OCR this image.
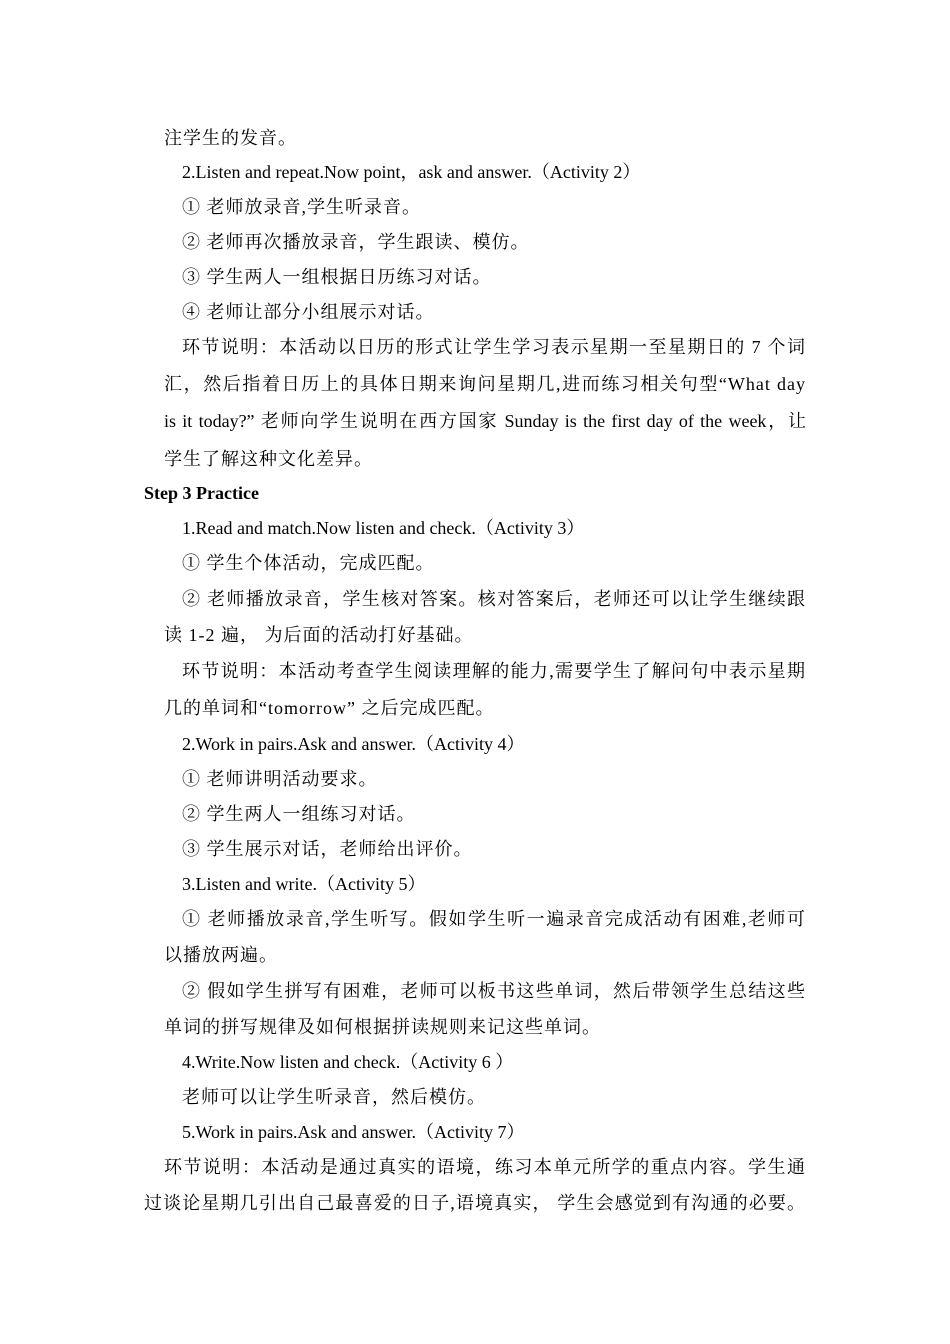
注学生的发音。
2.Listen and repeat.Now point，ask and answer.（Activity 2）
① 老师放录音,学生听录音。
② 老师再次播放录音，学生跟读、模仿。
③ 学生两人一组根据日历练习对话。
④ 老师让部分小组展示对话。
环节说明：本活动以日历的形式让学生学习表示星期一至星期日的 7 个词
汇，然后指着日历上的具体日期来询问星期几,进而练习相关句型“What day
is it today?” 老师向学生说明在西方国家 Sunday is the first day of the week，让
学生了解这种文化差异。
Step 3 Practice
1.Read and match.Now listen and check.（Activity 3）
① 学生个体活动，完成匹配。
② 老师播放录音，学生核对答案。核对答案后，老师还可以让学生继续跟
读 1-2 遍， 为后面的活动打好基础。
环节说明：本活动考查学生阅读理解的能力,需要学生了解问句中表示星期
几的单词和“tomorrow” 之后完成匹配。
2.Work in pairs.Ask and answer.（Activity 4）
① 老师讲明活动要求。
② 学生两人一组练习对话。
③ 学生展示对话，老师给出评价。
3.Listen and write.（Activity 5）
① 老师播放录音,学生听写。假如学生听一遍录音完成活动有困难,老师可
以播放两遍。
② 假如学生拼写有困难，老师可以板书这些单词，然后带领学生总结这些
单词的拼写规律及如何根据拼读规则来记这些单词。
4.Write.Now listen and check.（Activity 6 ）
老师可以让学生听录音，然后模仿。
5.Work in pairs.Ask and answer.（Activity 7）
环节说明：本活动是通过真实的语境，练习本单元所学的重点内容。学生通
过谈论星期几引出自己最喜爱的日子,语境真实， 学生会感觉到有沟通的必要。
